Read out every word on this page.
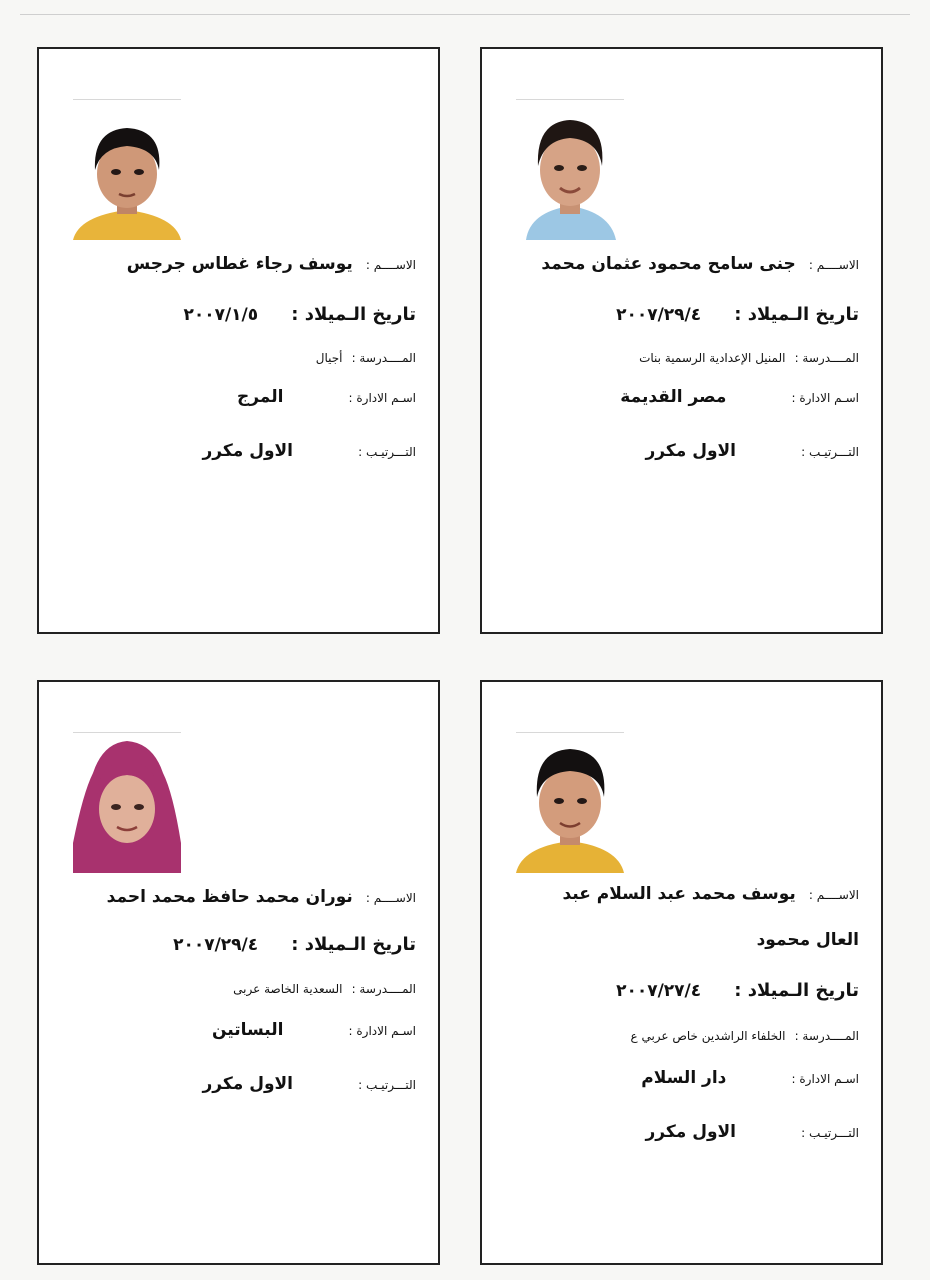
الاســــم : جنى سامح محمود عثمان محمد
تاريخ الـميلاد : ٢٠٠٧/٢٩/٤
المــــدرسة : المنيل الإعدادية الرسمية بنات
اسـم الادارة : مصر القديمة
التـــرتيـب : الاول مكرر
الاســــم : يوسف رجاء غطاس جرجس
تاريخ الـميلاد : ٢٠٠٧/١/٥
المــــدرسة : أجيال
اسـم الادارة : المرج
التـــرتيـب : الاول مكرر
الاســــم : يوسف محمد عبد السلام عبد
العال محمود
تاريخ الـميلاد : ٢٠٠٧/٢٧/٤
المــــدرسة : الخلفاء الراشدين خاص عربي ع
اسـم الادارة : دار السلام
التـــرتيـب : الاول مكرر
الاســــم : نوران محمد حافظ محمد احمد
تاريخ الـميلاد : ٢٠٠٧/٢٩/٤
المــــدرسة : السعدية الخاصة عربى
اسـم الادارة : البساتين
التـــرتيـب : الاول مكرر
